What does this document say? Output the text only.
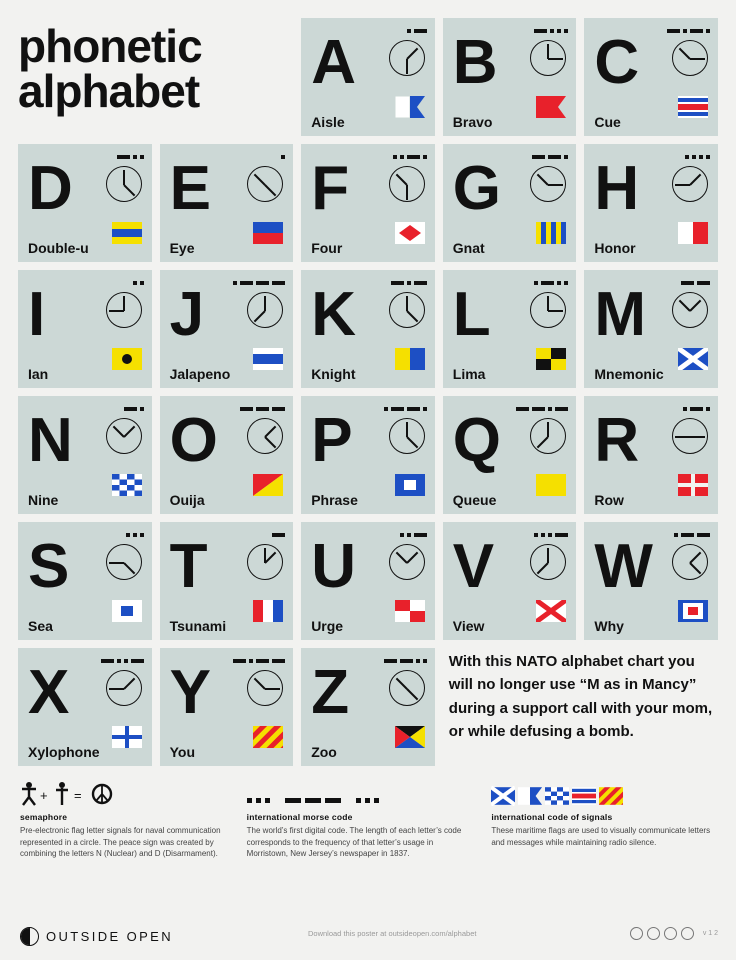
phonetic
alphabet	A
Aisle
B
Bravo
C
Cue
D
Double-u
E
Eye
F
Four
G
Gnat
H
Honor
I
Ian
J
Jalapeno
K
Knight
L
Lima
M
Mnemonic
N
Nine
O
Ouija
P
Phrase
Q
Queue
R
Row
S
Sea
T
Tsunami
U
Urge
V
View
W
Why
X
Xylophone
Y
You
Z
Zoo

With this NATO alphabet chart you will no longer use “M as in Mancy” during a support call with your mom, or while defusing a bomb.

+ =
semaphore

Pre-electronic flag letter signals for naval communication represented in a circle. The peace sign was created by combining the letters N (Nuclear) and D (Disarmament).

international morse code

The world’s first digital code. The length of each letter’s code corresponds to the frequency of that letter’s usage in Morristown, New Jersey’s newspaper in 1837.

international code of signals

These maritime flags are used to visually communicate letters and messages while maintaining radio silence.

OUTSIDE OPEN	Download this poster at outsideopen.com/alphabet	v 1 2
